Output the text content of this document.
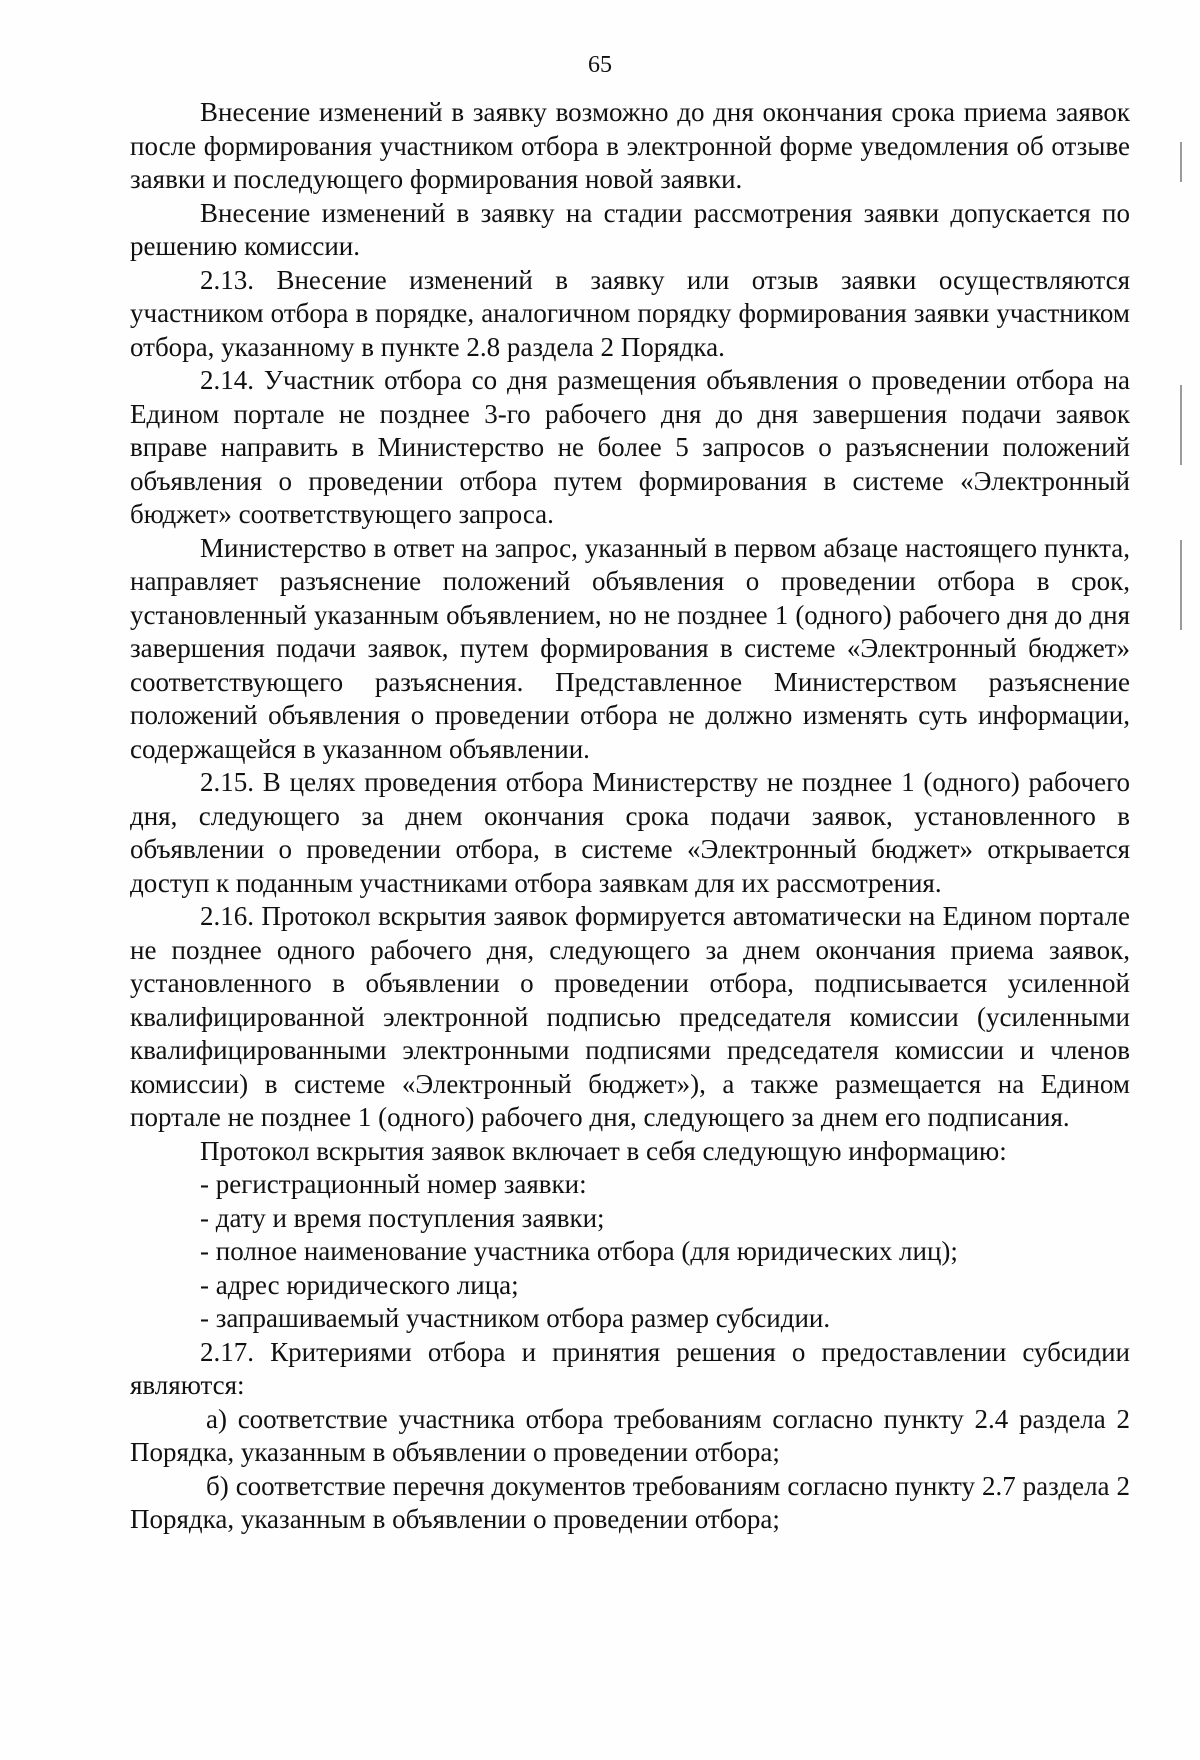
65

Внесение изменений в заявку возможно до дня окончания срока приема заявок после формирования участником отбора в электронной форме уведомления об отзыве заявки и последующего формирования новой заявки.

Внесение изменений в заявку на стадии рассмотрения заявки допускается по решению комиссии.

2.13. Внесение изменений в заявку или отзыв заявки осуществляются участником отбора в порядке, аналогичном порядку формирования заявки участником отбора, указанному в пункте 2.8 раздела 2 Порядка.

2.14. Участник отбора со дня размещения объявления о проведении отбора на Едином портале не позднее 3-го рабочего дня до дня завершения подачи заявок вправе направить в Министерство не более 5 запросов о разъяснении положений объявления о проведении отбора путем формирования в системе «Электронный бюджет» соответствующего запроса.

Министерство в ответ на запрос, указанный в первом абзаце настоящего пункта, направляет разъяснение положений объявления о проведении отбора в срок, установленный указанным объявлением, но не позднее 1 (одного) рабочего дня до дня завершения подачи заявок, путем формирования в системе «Электронный бюджет» соответствующего разъяснения. Представленное Министерством разъяснение положений объявления о проведении отбора не должно изменять суть информации, содержащейся в указанном объявлении.

2.15. В целях проведения отбора Министерству не позднее 1 (одного) рабочего дня, следующего за днем окончания срока подачи заявок, установленного в объявлении о проведении отбора, в системе «Электронный бюджет» открывается доступ к поданным участниками отбора заявкам для их рассмотрения.

2.16. Протокол вскрытия заявок формируется автоматически на Едином портале не позднее одного рабочего дня, следующего за днем окончания приема заявок, установленного в объявлении о проведении отбора, подписывается усиленной квалифицированной электронной подписью председателя комиссии (усиленными квалифицированными электронными подписями председателя комиссии и членов комиссии) в системе «Электронный бюджет»), а также размещается на Едином портале не позднее 1 (одного) рабочего дня, следующего за днем его подписания.

Протокол вскрытия заявок включает в себя следующую информацию:

- регистрационный номер заявки:

- дату и время поступления заявки;

- полное наименование участника отбора (для юридических лиц);

- адрес юридического лица;

- запрашиваемый участником отбора размер субсидии.

2.17. Критериями отбора и принятия решения о предоставлении субсидии являются:

а) соответствие участника отбора требованиям согласно пункту 2.4 раздела 2 Порядка, указанным в объявлении о проведении отбора;

б) соответствие перечня документов требованиям согласно пункту 2.7 раздела 2 Порядка, указанным в объявлении о проведении отбора;
